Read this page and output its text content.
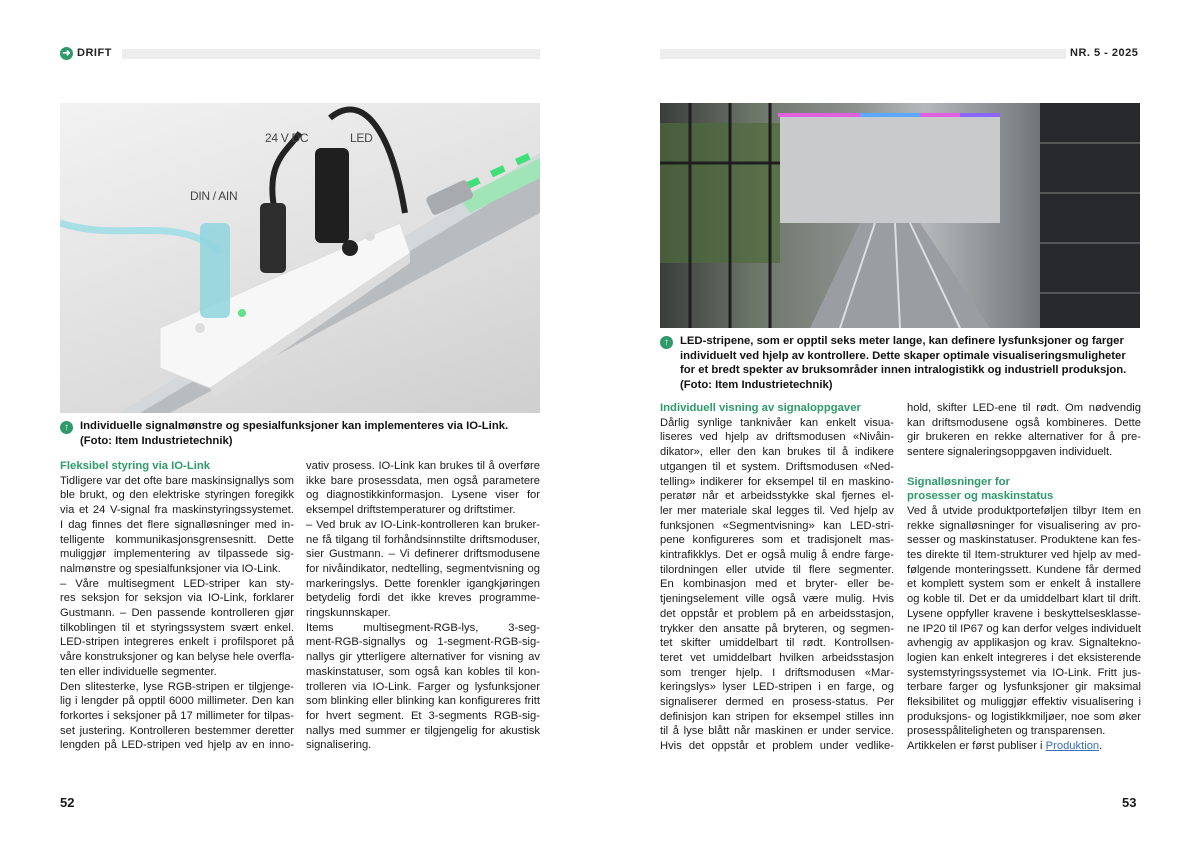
➜ DRIFT	NR. 5 - 2025
DIN / AIN
24 V DC	LED
↑ Individuelle signalmønstre og spesialfunksjoner kan implementeres via IO-Link.
(Foto: Item Industrietechnik)
↑ LED-stripene, som er opptil seks meter lange, kan definere lysfunksjoner og farger
individuelt ved hjelp av kontrollere. Dette skaper optimale visualiseringsmuligheter
for et bredt spekter av bruksområder innen intralogistikk og industriell produksjon.
(Foto: Item Industrietechnik)
Fleksibel styring via IO-Link
Tidligere var det ofte bare maskinsignallys som
ble brukt, og den elektriske styringen foregikk
via et 24 V-signal fra maskinstyringssystemet.
I dag finnes det flere signalløsninger med in-
telligente kommunikasjonsgrensesnitt. Dette
muliggjør implementering av tilpassede sig-
nalmønstre og spesialfunksjoner via IO-Link.
– Våre multisegment LED-striper kan sty-
res seksjon for seksjon via IO-Link, forklarer
Gustmann. – Den passende kontrolleren gjør
tilkoblingen til et styringssystem svært enkel.
LED-stripen integreres enkelt i profilsporet på
våre konstruksjoner og kan belyse hele overfla-
ten eller individuelle segmenter.
Den slitesterke, lyse RGB-stripen er tilgjenge-
lig i lengder på opptil 6000 millimeter. Den kan
forkortes i seksjoner på 17 millimeter for tilpas-
set justering. Kontrolleren bestemmer deretter
lengden på LED-stripen ved hjelp av en inno-
vativ prosess. IO-Link kan brukes til å overføre
ikke bare prosessdata, men også parametere
og diagnostikkinformasjon. Lysene viser for
eksempel driftstemperaturer og driftstimer.
– Ved bruk av IO-Link-kontrolleren kan bruker-
ne få tilgang til forhåndsinnstilte driftsmoduser,
sier Gustmann. – Vi definerer driftsmodusene
for nivåindikator, nedtelling, segmentvisning og
markeringslys. Dette forenkler igangkjøringen
betydelig fordi det ikke kreves programme-
ringskunnskaper.
Items multisegment-RGB-lys, 3-seg-
ment-RGB-signallys og 1-segment-RGB-sig-
nallys gir ytterligere alternativer for visning av
maskinstatuser, som også kan kobles til kon-
trolleren via IO-Link. Farger og lysfunksjoner
som blinking eller blinking kan konfigureres fritt
for hvert segment. Et 3-segments RGB-sig-
nallys med summer er tilgjengelig for akustisk
signalisering.
Individuell visning av signaloppgaver
Dårlig synlige tanknivåer kan enkelt visua-
liseres ved hjelp av driftsmodusen «Nivåin-
dikator», eller den kan brukes til å indikere
utgangen til et system. Driftsmodusen «Ned-
telling» indikerer for eksempel til en maskino-
peratør når et arbeidsstykke skal fjernes el-
ler mer materiale skal legges til. Ved hjelp av
funksjonen «Segmentvisning» kan LED-stri-
pene konfigureres som et tradisjonelt mas-
kintrafikklys. Det er også mulig å endre farge-
tilordningen eller utvide til flere segmenter.
En kombinasjon med et bryter- eller be-
tjeningselement ville også være mulig. Hvis
det oppstår et problem på en arbeidsstasjon,
trykker den ansatte på bryteren, og segmen-
tet skifter umiddelbart til rødt. Kontrollsen-
teret vet umiddelbart hvilken arbeidsstasjon
som trenger hjelp. I driftsmodusen «Mar-
keringslys» lyser LED-stripen i en farge, og
signaliserer dermed en prosess-status. Per
definisjon kan stripen for eksempel stilles inn
til å lyse blått når maskinen er under service.
Hvis det oppstår et problem under vedlike-
hold, skifter LED-ene til rødt. Om nødvendig
kan driftsmodusene også kombineres. Dette
gir brukeren en rekke alternativer for å pre-
sentere signaleringsoppgaven individuelt.
Signalløsninger for
prosesser og maskinstatus
Ved å utvide produktporteføljen tilbyr Item en
rekke signalløsninger for visualisering av pro-
sesser og maskinstatuser. Produktene kan fes-
tes direkte til Item-strukturer ved hjelp av med-
følgende monteringssett. Kundene får dermed
et komplett system som er enkelt å installere
og koble til. Det er da umiddelbart klart til drift.
Lysene oppfyller kravene i beskyttelsesklasse-
ne IP20 til IP67 og kan derfor velges individuelt
avhengig av applikasjon og krav. Signaltekno-
logien kan enkelt integreres i det eksisterende
systemstyringssystemet via IO-Link. Fritt jus-
terbare farger og lysfunksjoner gir maksimal
fleksibilitet og muliggjør effektiv visualisering i
produksjons- og logistikkmiljøer, noe som øker
prosesspåliteligheten og transparensen.
Artikkelen er først publiser i Produktion.
52	53
